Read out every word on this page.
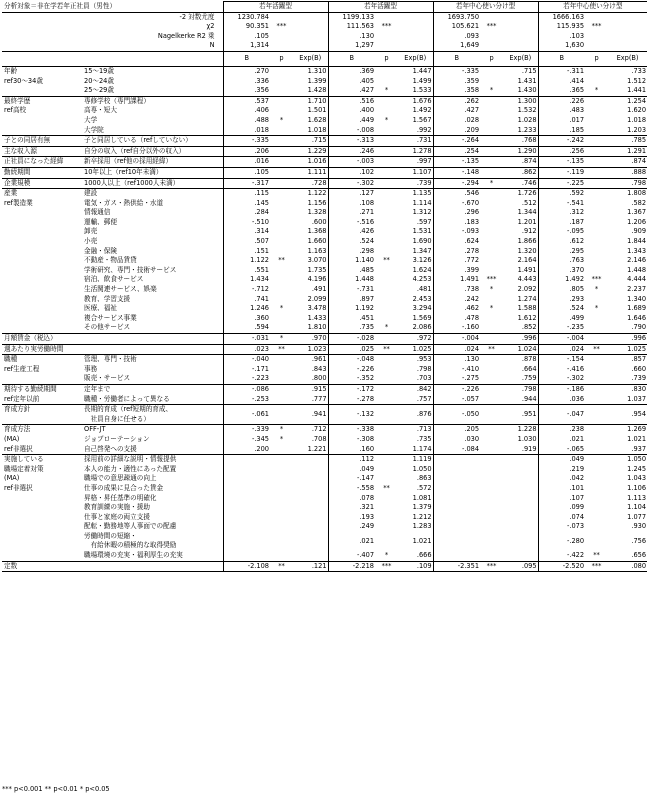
分析対象＝非在学若年正社員（男性）		若年活躍型			若年活躍型			若年中心使い分け型			若年中心使い分け型		
-2 対数尤度		1230.784			1199.133			1693.750			1666.163		
χ2		90.351	***		111.563	***		105.621	***		115.935	***	
Nagelkerke R2 乗		.105			.130			.093			.103		
N		1,314			1,297			1,649			1,630		
		B	p	Exp(B)	B	p	Exp(B)	B	p	Exp(B)	B	p	Exp(B)

年齢
ref30～34歳	15～19歳	.270		1.310	.369		1.447	-.335		.715	-.311		.733
	20～24歳	.336		1.399	.405		1.499	.359		1.431	.414		1.512
	25～29歳	.356		1.428	.427	*	1.533	.358	*	1.430	.365	*	1.441

最終学歴
ref高校	専修学校（専門課程）	.537		1.710	.516		1.676	.262		1.300	.226		1.254
	高専・短大	.406		1.501	.400		1.492	.427		1.532	.483		1.620
	大学	.488	*	1.628	.449	*	1.567	.028		1.028	.017		1.018
	大学院	.018		1.018	-.008		.992	.209		1.233	.185		1.203

子との同居有無	子と同居している（refしていない）	-.335		.715	-.313		.731	-.264		.768	-.242		.785

主な収入源	自分の収入（ref自分以外の収入）	.206		1.229	.246		1.278	.254		1.290	.256		1.291

正社員になった経緯	新卒採用（ref他の採用経緯）	.016		1.016	-.003		.997	-.135		.874	-.135		.874

勤続期間	10年以上（ref10年未満）	.105		1.111	.102		1.107	-.148		.862	-.119		.888

企業規模	1000人以上（ref1000人未満）	-.317		.728	-.302		.739	-.294	*	.746	-.225		.798

産業
ref製造業	建設	.115		1.122	.127		1.135	.546		1.726	.592		1.808
	電気・ガス・熱供給・水道	.145		1.156	.108		1.114	-.670		.512	-.541		.582
	情報通信	.284		1.328	.271		1.312	.296		1.344	.312		1.367
	運輸、郵便	-.510		.600	-.516		.597	.183		1.201	.187		1.206
	卸売	.314		1.368	.426		1.531	-.093		.912	-.095		.909
	小売	.507		1.660	.524		1.690	.624		1.866	.612		1.844
	金融・保険	.151		1.163	.298		1.347	.278		1.320	.295		1.343
	不動産・物品賃貸	1.122	**	3.070	1.140	**	3.126	.772		2.164	.763		2.146
	学術研究、専門・技術サービス	.551		1.735	.485		1.624	.399		1.491	.370		1.448
	宿泊、飲食サービス	1.434		4.196	1.448		4.253	1.491	***	4.443	1.492	***	4.444
	生活関連サービス、娯楽	-.712		.491	-.731		.481	.738	*	2.092	.805	*	2.237
	教育、学習支援	.741		2.099	.897		2.453	.242		1.274	.293		1.340
	医療、福祉	1.246	*	3.478	1.192		3.294	.462	*	1.588	.524	*	1.689
	複合サービス事業	.360		1.433	.451		1.569	.478		1.612	.499		1.646
	その他サービス	.594		1.810	.735	*	2.086	-.160		.852	-.235		.790

月額賃金（税込）		-.031	*	.970	-.028		.972	-.004		.996	-.004		.996

週あたり実労働時間		.023	**	1.023	.025	**	1.025	.024	**	1.024	.024	**	1.025

職種
ref生産工程	管理、専門・技術	-.040		.961	-.048		.953	.130		.878	-.154		.857
	事務	-.171		.843	-.226		.798	-.410		.664	-.416		.660
	販売・サービス	-.223		.800	-.352		.703	-.275		.759	-.302		.739

期待する勤続期間
ref定年以前	定年まで	-.086		.915	-.172		.842	-.226		.798	-.186		.830
	職種・労働者によって異なる	-.253		.777	-.278		.757	-.057		.944	.036		1.037

育成方針	長期的育成（ref短期的育成、
　社員自身に任せる）	-.061		.941	-.132		.876	-.050		.951	-.047		.954

育成方法
(MA)
ref非選択	OFF-JT	-.339	*	.712	-.338		.713	.205		1.228	.238		1.269
	ジョブローテーション	-.345	*	.708	-.308		.735	.030		1.030	.021		1.021
	自己啓発への支援	.200		1.221	.160		1.174	-.084		.919	-.065		.937

実施している
職場定着対策
(MA)
ref非選択	採用前の詳細な説明・情報提供				.112		1.119				.049		1.050
	本人の能力・適性にあった配置				.049		1.050				.219		1.245
	職場での意思疎通の向上				-.147		.863				.042		1.043
	仕事の成果に見合った賃金				-.558	**	.572				.101		1.106
	昇格・昇任基準の明確化				.078		1.081				.107		1.113
	教育訓練の実施・援助				.321		1.379				.099		1.104
	仕事と家庭の両立支援				.193		1.212				.074		1.077
	配転・勤務地等人事面での配慮				.249		1.283				-.073		.930
	労働時間の短縮・
　有給休暇の積極的な取得奨励				.021		1.021				-.280		.756
	職場環境の充実・福利厚生の充実				-.407	*	.666				-.422	**	.656

定数		-2.108	**	.121	-2.218	***	.109	-2.351	***	.095	-2.520	***	.080
*** p<0.001 ** p<0.01 * p<0.05
